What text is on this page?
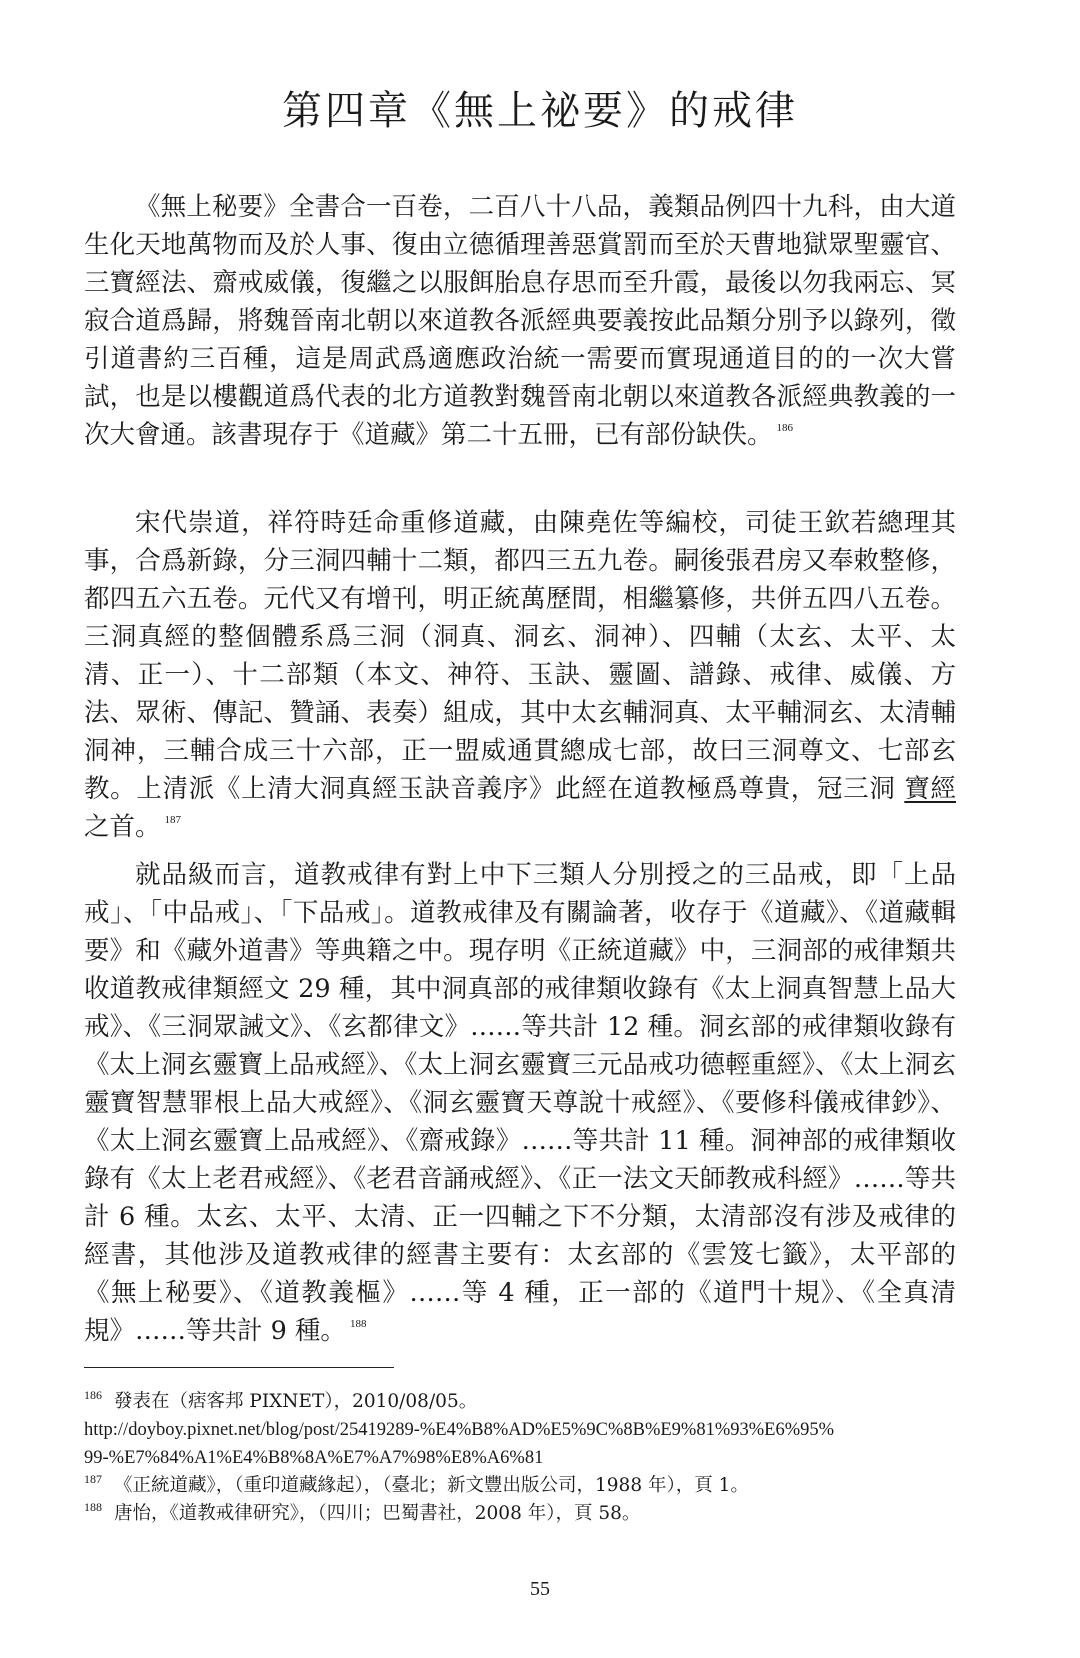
第四章《無上祕要》的戒律

《無上秘要》全書合一百卷，二百八十八品，義類品例四十九科，由大道生化天地萬物而及於人事、復由立德循理善惡賞罰而至於天曹地獄眾聖靈官、三寶經法、齋戒威儀，復繼之以服餌胎息存思而至升霞，最後以勿我兩忘、冥寂合道爲歸，將魏晉南北朝以來道教各派經典要義按此品類分別予以錄列，徵引道書約三百種，這是周武爲適應政治統一需要而實現通道目的的一次大嘗試，也是以樓觀道爲代表的北方道教對魏晉南北朝以來道教各派經典教義的一次大會通。該書現存于《道藏》第二十五冊，已有部份缺佚。 $^{186}$

宋代崇道，祥符時廷命重修道藏，由陳堯佐等編校，司徒王欽若總理其事，合爲新錄，分三洞四輔十二類，都四三五九卷。嗣後張君房又奉敕整修，都四五六五卷。元代又有增刊，明正統萬歷間，相繼纂修，共併五四八五卷。三洞真經的整個體系爲三洞（洞真、洞玄、洞神）、四輔（太玄、太平、太清、正一）、十二部類（本文、神符、玉訣、靈圖、譜錄、戒律、威儀、方法、眾術、傳記、贊誦、表奏）組成，其中太玄輔洞真、太平輔洞玄、太清輔洞神，三輔合成三十六部，正一盟威通貫總成七部，故曰三洞尊文、七部玄教。上清派《上清大洞真經玉訣音義序》此經在道教極爲尊貴，冠三洞 寶經之首。 $^{187}$

就品級而言，道教戒律有對上中下三類人分別授之的三品戒，即「上品戒」、「中品戒」、「下品戒」。道教戒律及有關論著，收存于《道藏》、《道藏輯要》和《藏外道書》等典籍之中。現存明《正統道藏》中，三洞部的戒律類共收道教戒律類經文 29 種，其中洞真部的戒律類收錄有《太上洞真智慧上品大戒》、《三洞眾誡文》、《玄都律文》……等共計 12 種。洞玄部的戒律類收錄有《太上洞玄靈寶上品戒經》、《太上洞玄靈寶三元品戒功德輕重經》、《太上洞玄靈寶智慧罪根上品大戒經》、《洞玄靈寶天尊說十戒經》、《要修科儀戒律鈔》、《太上洞玄靈寶上品戒經》、《齋戒錄》……等共計 11 種。洞神部的戒律類收錄有《太上老君戒經》、《老君音誦戒經》、《正一法文天師教戒科經》……等共計 6 種。太玄、太平、太清、正一四輔之下不分類，太清部沒有涉及戒律的經書，其他涉及道教戒律的經書主要有：太玄部的《雲笈七籤》，太平部的《無上秘要》、《道教義樞》……等 4 種，正一部的《道門十規》、《全真清規》……等共計 9 種。 $^{188}$

$^{186}$ 發表在（痞客邦 PIXNET），2010/08/05。
http://doyboy.pixnet.net/blog/post/25419289-%E4%B8%AD%E5%9C%8B%E9%81%93%E6%95%
99-%E7%84%A1%E4%B8%8A%E7%A7%98%E8%A6%81
$^{187}$ 《正統道藏》，（重印道藏緣起），（臺北；新文豐出版公司，1988 年），頁 1。
$^{188}$ 唐怡，《道教戒律研究》，（四川；巴蜀書社，2008 年），頁 58。
55
